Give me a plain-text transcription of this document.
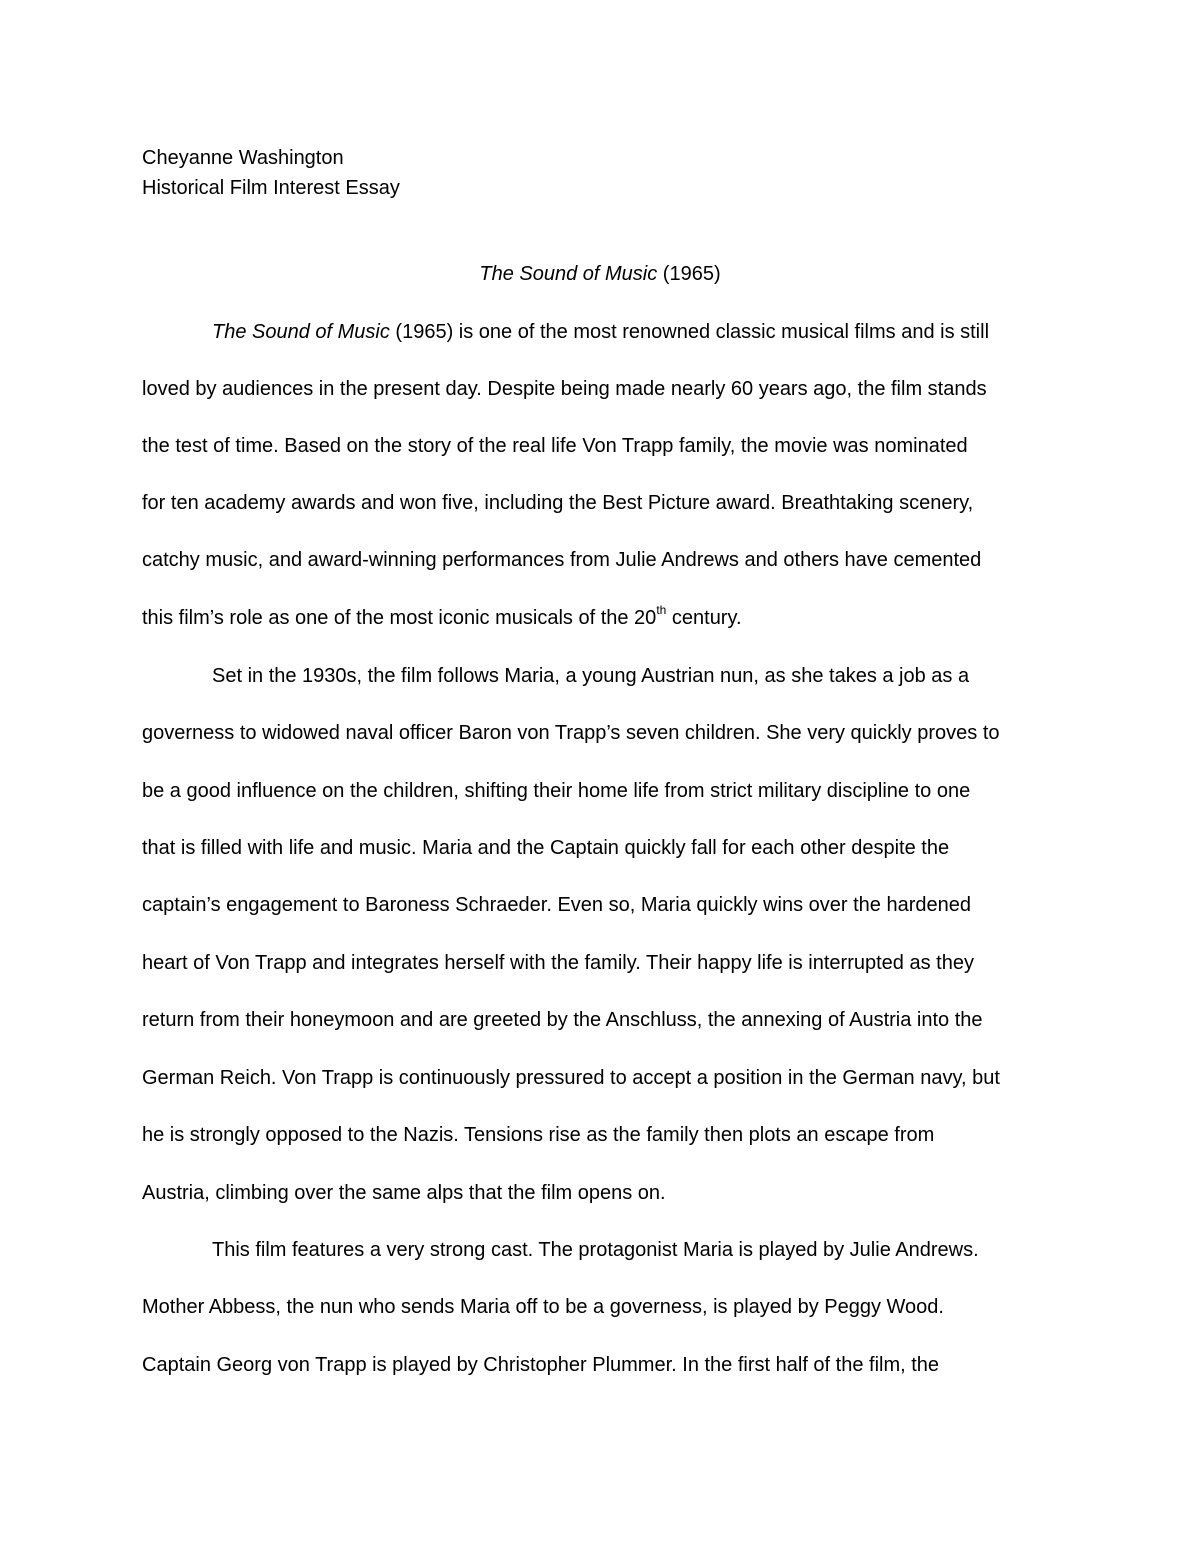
Cheyanne Washington
Historical Film Interest Essay
The Sound of Music (1965)
The Sound of Music (1965) is one of the most renowned classic musical films and is still
loved by audiences in the present day. Despite being made nearly 60 years ago, the film stands
the test of time. Based on the story of the real life Von Trapp family, the movie was nominated
for ten academy awards and won five, including the Best Picture award. Breathtaking scenery,
catchy music, and award-winning performances from Julie Andrews and others have cemented
this film’s role as one of the most iconic musicals of the 20th century.
Set in the 1930s, the film follows Maria, a young Austrian nun, as she takes a job as a
governess to widowed naval officer Baron von Trapp’s seven children. She very quickly proves to
be a good influence on the children, shifting their home life from strict military discipline to one
that is filled with life and music. Maria and the Captain quickly fall for each other despite the
captain’s engagement to Baroness Schraeder. Even so, Maria quickly wins over the hardened
heart of Von Trapp and integrates herself with the family. Their happy life is interrupted as they
return from their honeymoon and are greeted by the Anschluss, the annexing of Austria into the
German Reich. Von Trapp is continuously pressured to accept a position in the German navy, but
he is strongly opposed to the Nazis. Tensions rise as the family then plots an escape from
Austria, climbing over the same alps that the film opens on.
This film features a very strong cast. The protagonist Maria is played by Julie Andrews.
Mother Abbess, the nun who sends Maria off to be a governess, is played by Peggy Wood.
Captain Georg von Trapp is played by Christopher Plummer. In the first half of the film, the
